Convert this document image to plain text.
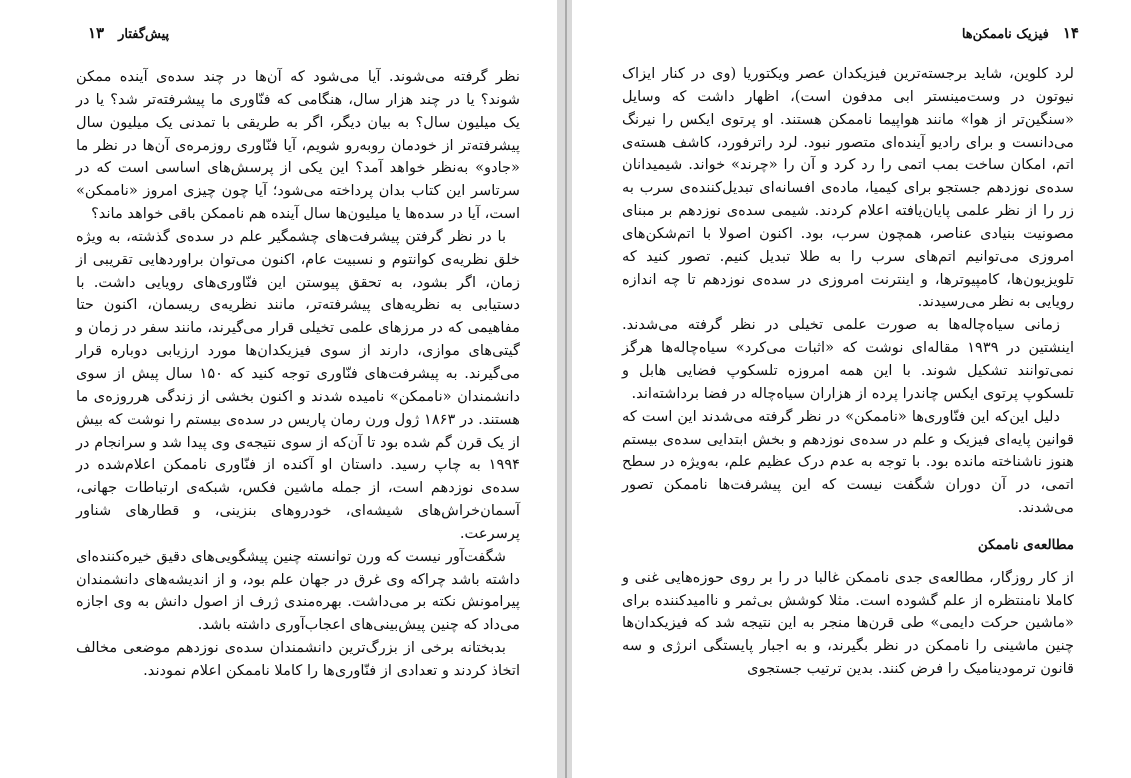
پیش‌گفتار
۱۳

نظر گرفته می‌شوند. آیا می‌شود که آن‌ها در چند سده‌ی آینده ممکن شوند؟ یا در چند هزار سال، هنگامی که فنّاوری ما پیشرفته‌تر شد؟ یا در یک میلیون سال؟ به بیان دیگر، اگر به طریقی با تمدنی یک میلیون سال پیشرفته‌تر از خودمان روبه‌رو شویم، آیا فنّاوری روزمره‌ی آن‌ها در نظر ما «جادو» به‌نظر خواهد آمد؟ این یکی از پرسش‌های اساسی است که در سرتاسر این کتاب بدان پرداخته می‌شود؛ آیا چون چیزی امروز «ناممکن» است، آیا در سده‌ها یا میلیون‌ها سال آینده هم ناممکن باقی خواهد ماند؟

با در نظر گرفتن پیشرفت‌های چشمگیر علم در سده‌ی گذشته، به ویژه خلق نظریه‌ی کوانتوم و نسبیت عام، اکنون می‌توان براوردهایی تقریبی از زمان، اگر بشود، به تحقق پیوستن این فنّاوری‌های رویایی داشت. با دستیابی به نظریه‌های پیشرفته‌تر، مانند نظریه‌ی ریسمان، اکنون حتا مفاهیمی که در مرزهای علمی تخیلی قرار می‌گیرند، مانند سفر در زمان و گیتی‌های موازی، دارند از سوی فیزیکدان‌ها مورد ارزیابی دوباره قرار می‌گیرند. به پیشرفت‌های فنّاوری توجه کنید که ۱۵۰ سال پیش از سوی دانشمندان «ناممکن» نامیده شدند و اکنون بخشی از زندگی هرروزه‌ی ما هستند. در ۱۸۶۳ ژول ورن رمان پاریس در سده‌ی بیستم را نوشت که بیش از یک قرن گم شده بود تا آن‌که از سوی نتیجه‌ی وی پیدا شد و سرانجام در ۱۹۹۴ به چاپ رسید. داستان او آکنده از فنّاوری ناممکن اعلام‌شده در سده‌ی نوزدهم است، از جمله ماشین فکس، شبکه‌ی ارتباطات جهانی، آسمان‌خراش‌های شیشه‌ای، خودروهای بنزینی، و قطارهای شناور پرسرعت.

شگفت‌آور نیست که ورن توانسته چنین پیشگویی‌های دقیق خیره‌کننده‌ای داشته باشد چراکه وی غرق در جهان علم بود، و از اندیشه‌های دانشمندان پیرامونش نکته بر می‌داشت. بهره‌مندی ژرف از اصول دانش به وی اجازه می‌داد که چنین پیش‌بینی‌های اعجاب‌آوری داشته باشد.

بدبختانه برخی از بزرگ‌ترین دانشمندان سده‌ی نوزدهم موضعی مخالف اتخاذ کردند و تعدادی از فنّاوری‌ها را کاملا ناممکن اعلام نمودند.

۱۴
فیزیک ناممکن‌ها

لرد کلوین، شاید برجسته‌ترین فیزیکدان عصر ویکتوریا (وی در کنار ایزاک نیوتون در وست‌مینستر ابی مدفون است)، اظهار داشت که وسایل «سنگین‌تر از هوا» مانند هواپیما ناممکن هستند. او پرتوی ایکس را نیرنگ می‌دانست و برای رادیو آینده‌ای متصور نبود. لرد راترفورد، کاشف هسته‌ی اتم، امکان ساخت بمب اتمی را رد کرد و آن را «چرند» خواند. شیمیدانان سده‌ی نوزدهم جستجو برای کیمیا، ماده‌ی افسانه‌ای تبدیل‌کننده‌ی سرب به زر را از نظر علمی پایان‌یافته اعلام کردند. شیمی سده‌ی نوزدهم بر مبنای مصونیت بنیادی عناصر، همچون سرب، بود. اکنون اصولا با اتم‌شکن‌های امروزی می‌توانیم اتم‌های سرب را به طلا تبدیل کنیم. تصور کنید که تلویزیون‌ها، کامپیوترها، و اینترنت امروزی در سده‌ی نوزدهم تا چه اندازه رویایی به نظر می‌رسیدند.

زمانی سیاه‌چاله‌ها به صورت علمی تخیلی در نظر گرفته می‌شدند. اینشتین در ۱۹۳۹ مقاله‌ای نوشت که «اثبات می‌کرد» سیاه‌چاله‌ها هرگز نمی‌توانند تشکیل شوند. با این همه امروزه تلسکوپ فضایی هابل و تلسکوپ پرتوی ایکس چاندرا پرده از هزاران سیاه‌چاله در فضا برداشته‌اند.

دلیل این‌که این فنّاوری‌ها «ناممکن» در نظر گرفته می‌شدند این است که قوانین پایه‌ای فیزیک و علم در سده‌ی نوزدهم و بخش ابتدایی سده‌ی بیستم هنوز ناشناخته مانده بود. با توجه به عدم درک عظیم علم، به‌ویژه در سطح اتمی، در آن دوران شگفت نیست که این پیشرفت‌ها ناممکن تصور می‌شدند.

مطالعه‌ی ناممکن

از کار روزگار، مطالعه‌ی جدی ناممکن غالبا در را بر روی حوزه‌هایی غنی و کاملا نامنتظره از علم گشوده است. مثلا کوشش بی‌ثمر و ناامیدکننده برای «ماشین حرکت دایمی» طی قرن‌ها منجر به این نتیجه شد که فیزیکدان‌ها چنین ماشینی را ناممکن در نظر بگیرند، و به اجبار پایستگی انرژی و سه قانون ترمودینامیک را فرض کنند. بدین ترتیب جستجوی
